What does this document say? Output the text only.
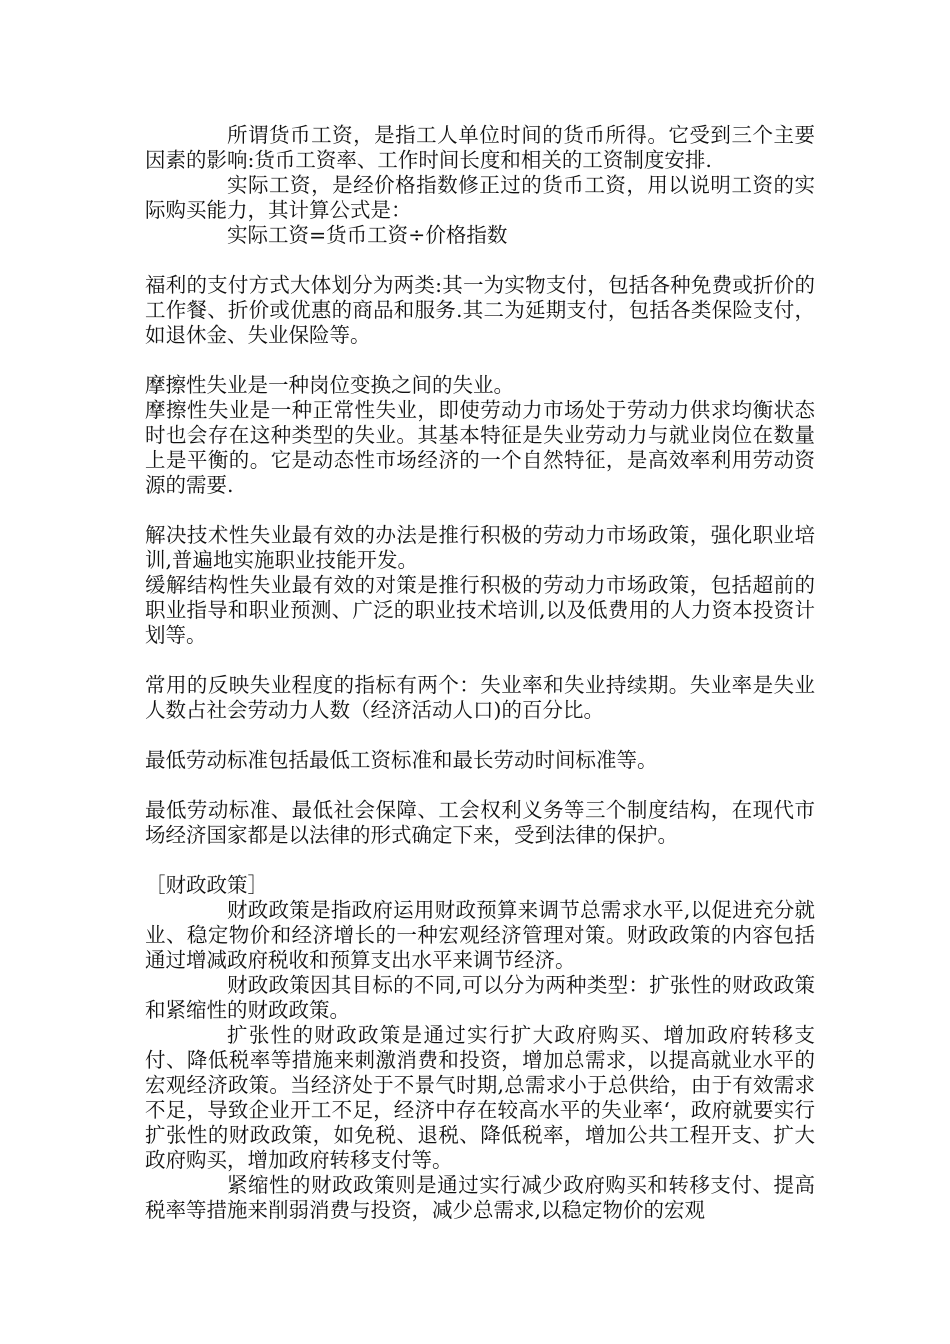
所谓货币工资，是指工人单位时间的货币所得。它受到三个主要因素的影响:货币工资率、工作时间长度和相关的工资制度安排.

实际工资，是经价格指数修正过的货币工资，用以说明工资的实际购买能力，其计算公式是：

实际工资=货币工资÷价格指数

福利的支付方式大体划分为两类:其一为实物支付，包括各种免费或折价的工作餐、折价或优惠的商品和服务.其二为延期支付，包括各类保险支付，如退休金、失业保险等。

摩擦性失业是一种岗位变换之间的失业。

摩擦性失业是一种正常性失业，即使劳动力市场处于劳动力供求均衡状态时也会存在这种类型的失业。其基本特征是失业劳动力与就业岗位在数量上是平衡的。它是动态性市场经济的一个自然特征，是高效率利用劳动资源的需要.

解决技术性失业最有效的办法是推行积极的劳动力市场政策，强化职业培训,普遍地实施职业技能开发。

缓解结构性失业最有效的对策是推行积极的劳动力市场政策，包括超前的职业指导和职业预测、广泛的职业技术培训,以及低费用的人力资本投资计划等。

常用的反映失业程度的指标有两个：失业率和失业持续期。失业率是失业人数占社会劳动力人数（经济活动人口)的百分比。

最低劳动标准包括最低工资标准和最长劳动时间标准等。

最低劳动标准、最低社会保障、工会权利义务等三个制度结构，在现代市场经济国家都是以法律的形式确定下来，受到法律的保护。

［财政政策］

财政政策是指政府运用财政预算来调节总需求水平,以促进充分就业、稳定物价和经济增长的一种宏观经济管理对策。财政政策的内容包括通过增减政府税收和预算支出水平来调节经济。

财政政策因其目标的不同,可以分为两种类型：扩张性的财政政策和紧缩性的财政政策。

扩张性的财政政策是通过实行扩大政府购买、增加政府转移支付、降低税率等措施来刺激消费和投资，增加总需求，以提高就业水平的宏观经济政策。当经济处于不景气时期,总需求小于总供给，由于有效需求不足，导致企业开工不足，经济中存在较高水平的失业率‘，政府就要实行扩张性的财政政策，如免税、退税、降低税率，增加公共工程开支、扩大政府购买，增加政府转移支付等。

紧缩性的财政政策则是通过实行减少政府购买和转移支付、提高税率等措施来削弱消费与投资，减少总需求,以稳定物价的宏观
